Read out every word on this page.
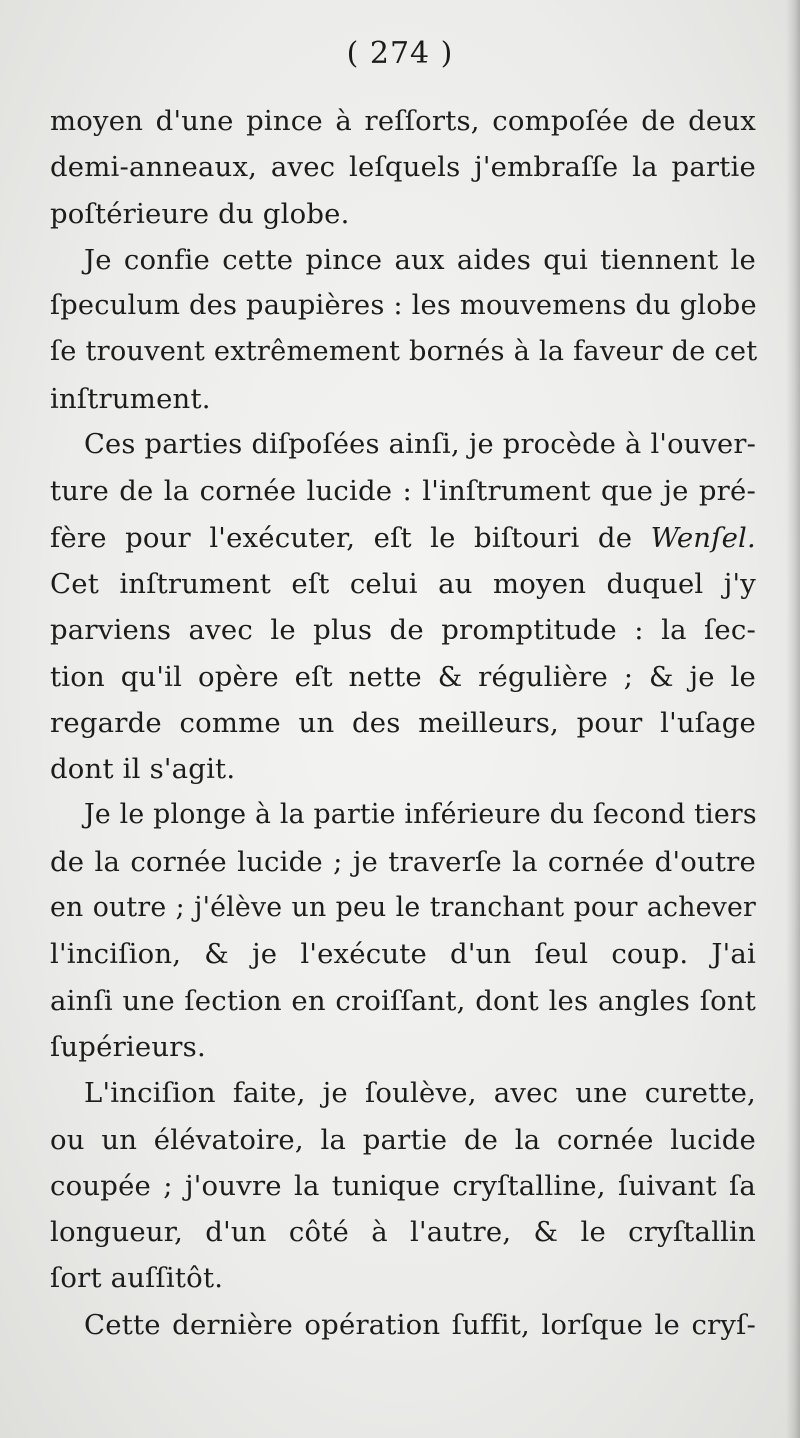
( 274 )
moyen d'une pince à reſſorts, compoſée de deux
demi-anneaux, avec leſquels j'embraſſe la partie
poſtérieure du globe.
Je confie cette pince aux aides qui tiennent le
ſpeculum des paupières : les mouvemens du globe
ſe trouvent extrêmement bornés à la faveur de cet
inſtrument.
Ces parties diſpoſées ainſi, je procède à l'ouver-
ture de la cornée lucide : l'inſtrument que je pré-
fère pour l'exécuter, eſt le biſtouri de Wenſel.
Cet inſtrument eſt celui au moyen duquel j'y
parviens avec le plus de promptitude : la ſec-
tion qu'il opère eſt nette & régulière ; & je le
regarde comme un des meilleurs, pour l'uſage
dont il s'agit.
Je le plonge à la partie inférieure du ſecond tiers
de la cornée lucide ; je traverſe la cornée d'outre
en outre ; j'élève un peu le tranchant pour achever
l'inciſion, & je l'exécute d'un ſeul coup. J'ai
ainſi une ſection en croiſſant, dont les angles ſont
ſupérieurs.
L'inciſion faite, je ſoulève, avec une curette,
ou un élévatoire, la partie de la cornée lucide
coupée ; j'ouvre la tunique cryſtalline, ſuivant ſa
longueur, d'un côté à l'autre, & le cryſtallin
ſort auſſitôt.
Cette dernière opération ſuffit, lorſque le cryſ-
